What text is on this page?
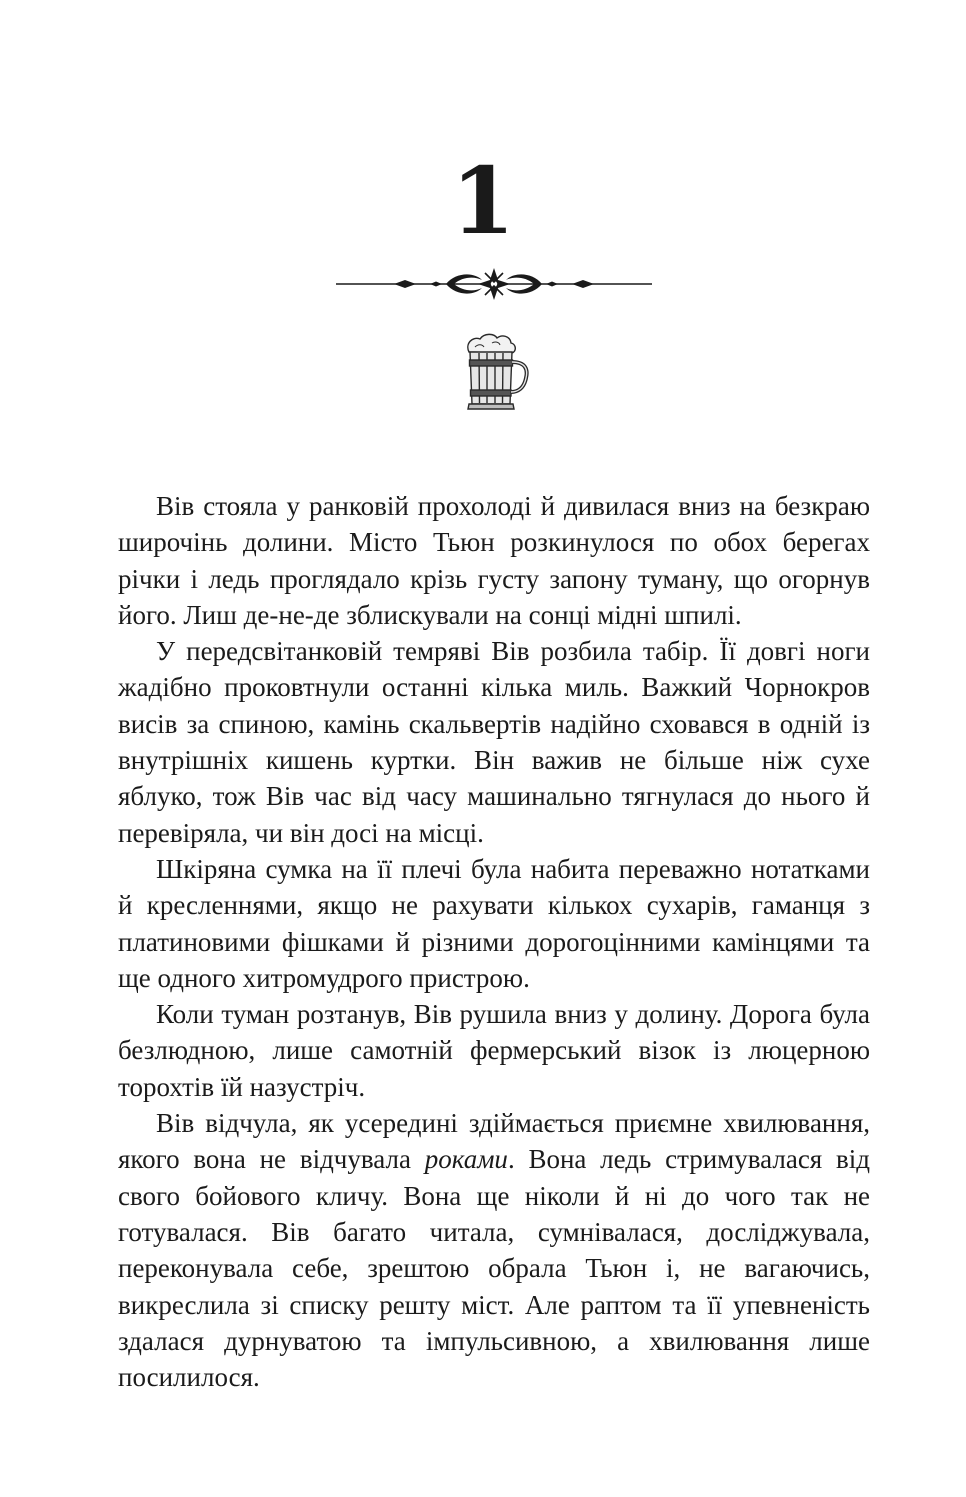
1

Вів стояла у ранковій прохолоді й дивилася вниз на безкраю широчінь долини. Місто Тьюн розкинулося по обох берегах річки і ледь проглядало крізь густу запону туману, що огорнув його. Лиш де-не-де зблискували на сонці мідні шпилі.

У передсвітанковій темряві Вів розбила табір. Її довгі ноги жадібно проковтнули останні кілька миль. Важкий Чорнокров висів за спиною, камінь скальвертів надійно сховався в одній із внутрішніх кишень куртки. Він важив не більше ніж сухе яблуко, тож Вів час від часу машинально тягнулася до нього й перевіряла, чи він досі на місці.

Шкіряна сумка на її плечі була набита переважно нотатками й кресленнями, якщо не рахувати кількох сухарів, гаманця з платиновими фішками й різними дорогоцінними камінцями та ще одного хитромудрого пристрою.

Коли туман розтанув, Вів рушила вниз у долину. Дорога була безлюдною, лише самотній фермерський візок із люцерною торохтів їй назустріч.

Вів відчула, як усередині здіймається приємне хвилювання, якого вона не відчувала роками. Вона ледь стримувалася від свого бойового кличу. Вона ще ніколи й ні до чого так не готувалася. Вів багато читала, сумнівалася, досліджувала, переконувала себе, зрештою обрала Тьюн і, не вагаючись, викреслила зі списку решту міст. Але раптом та її упевненість здалася дурнуватою та імпульсивною, а хвилювання лише посилилося.
